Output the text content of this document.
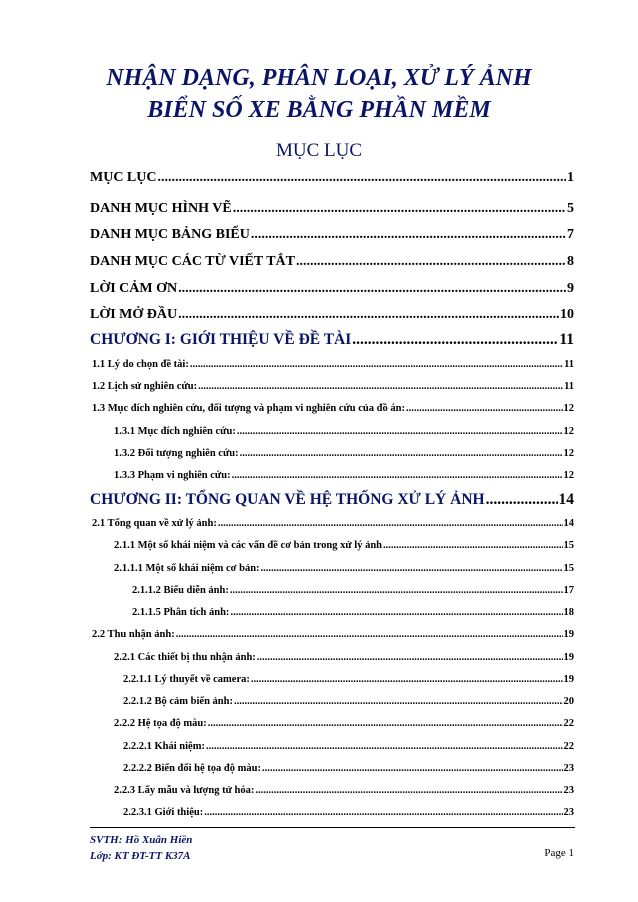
NHẬN DẠNG, PHÂN LOẠI, XỬ LÝ ẢNH
BIỂN SỐ XE BẰNG PHẦN MỀM
MỤC LỤC
MỤC LỤC .....	1
DANH MỤC HÌNH VẼ .....	5
DANH MỤC BẢNG BIỂU .....	7
DANH MỤC CÁC TỪ VIẾT TẮT .....	8
LỜI CẢM ƠN .....	9
LỜI MỞ ĐẦU .....	10
CHƯƠNG I: GIỚI THIỆU VỀ ĐỀ TÀI .....	11
1.1 Lý do chọn đề tài: .....	11
1.2 Lịch sử nghiên cứu: .....	11
1.3 Mục đích nghiên cứu, đối tượng và phạm vi nghiên cứu của đồ án: .....	12
1.3.1 Mục đích nghiên cứu: .....	12
1.3.2 Đối tượng nghiên cứu: .....	12
1.3.3 Phạm vi nghiên cứu: .....	12
CHƯƠNG II: TỔNG QUAN VỀ HỆ THỐNG XỬ LÝ ẢNH .....	14
2.1 Tổng quan về xử lý ảnh: .....	14
2.1.1 Một số khái niệm và các vấn đề cơ bản trong xử lý ảnh .....	15
2.1.1.1 Một số khái niệm cơ bản: .....	15
2.1.1.2 Biểu diễn ảnh: .....	17
2.1.1.5 Phân tích ảnh: .....	18
2.2 Thu nhận ảnh: .....	19
2.2.1 Các thiết bị thu nhận ảnh: .....	19
2.2.1.1 Lý thuyết về camera: .....	19
2.2.1.2 Bộ cảm biến ảnh: .....	20
2.2.2 Hệ tọa độ màu: .....	22
2.2.2.1 Khái niệm: .....	22
2.2.2.2 Biến đổi hệ tọa độ màu: .....	23
2.2.3 Lấy mẫu và lượng tử hóa: .....	23
2.2.3.1 Giới thiệu: .....	23
SVTH: Hồ Xuân Hiền
Lớp: KT ĐT-TT K37A	Page 1
